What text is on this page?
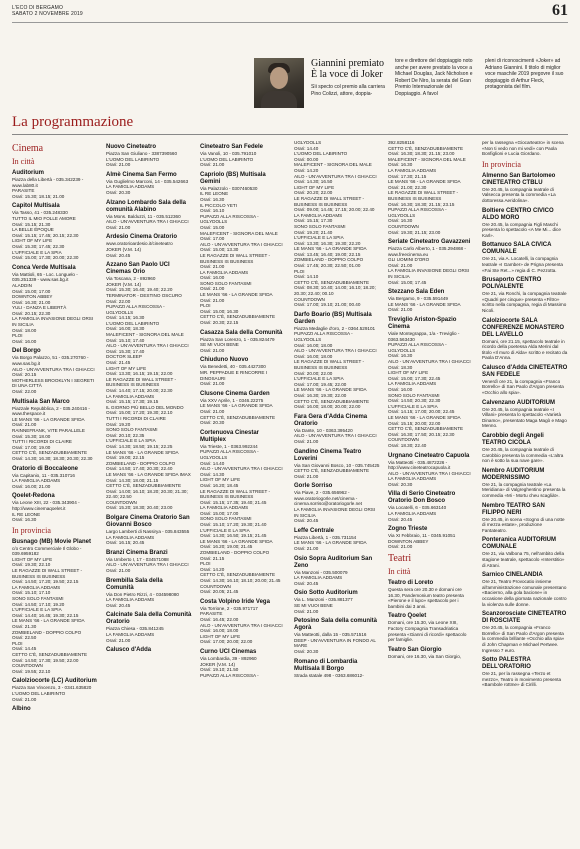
L'ECO DI BERGAMO
SABATO 2 NOVEMBRE 2019	61
Giannini premiato È la voce di Joker
Sìi specto col premio alla carriera Pino Colizzi, attore, doppia-
tore e direttore del doppiaggio noto anche per avere prestato la voce a Michael Douglas, Jack Nicholson e Robert De Niro, la serata del Gran Premio Internazionale del Doppiaggio. A favol
pleni di riconoscimenti «Joker» ad Adriano Giannini. Il titolo di miglior voce maschile 2019 pregovre il suo doppiaggio di Arthur Fleck, protagonista del film.
La programmazione
Cinema
In città
Auditorium
Piazza della Libertà - 035.342239 - www.lab80.it
PARASITE
Orari: 15.30; 18.15; 21.00
Capitol Multisala
Via Tasso, 41 - 035.248330
TUTTO IL MIO FOLLE AMORE
Orari: 15.15; 21.30
LA BELLE ÉPOQUE
Orari: 15.15; 17.45; 20.15; 22.30
LIGHT OF MY LIFE
Orari: 15.30; 17.45; 22.30
L'UFFICIALE E LA SPIA
Orari: 15.00; 17.30; 20.00; 22.30
Conca Verde Multisala
Via Mattioli, 65 - Loc. Longuelo - 035.251339 - www.sas.bg.it
ALADDIN
Orari: 15.00; 17.00
DOWNTON ABBEY
Orari: 16.30; 21.00
YULI - DANZA E LIBERTÀ
Orari: 20.15; 22.30
LA FAMIGLIA INVASIONE DEGLI ORSI IN SICILIA
Orari: 18.00
PLOI
Orari: 16.00
Del Borgo
Via Borgo Palazzo, 51 - 035.270760 - www.sas.bg.it
AILO - UN'AVVENTURA TRA I GHIACCI
Orari: 20.15
MOTHERLESS BROOKLYN I SEGRETI DI UNA CITTÀ
Orari: 22.00
Multisala San Marco
Piazzale Repubblica, 2 - 035.240416 - www.thespace.it
LE MANS '66 - LA GRANDE SFIDA
Orari: 21.00
RAINNEFRANK, VITE PARALLELE
Orari: 15.30; 18.00
TUTTI I RICORDI DI CLAIRE
Orari: 17.00; 19.00
CETTO C'È, SENZADUBBIAMENTE
Orari: 14.30; 16.30; 18.30; 20.30; 22.30
Oratorio di Boccaleone
Via Capitanio, 11 - 035.310716
LA FAMIGLIA ADDAMS
Orari: 16.00; 21.00
Qoelet-Redona
Via Leone XIII, 22 - 035.343904 - http://www.cinemaqoelet.it
IL RE LEONE
Orari: 16.30
In provincia
Busnago (MB) Movie Planet
c/o Centro Commerciale Il Globo - 039.6959182
LIGHT OF MY LIFE
Orari: 19.30; 22.10
LE RAGAZZE DI WALL STREET - BUSINESS IS BUSINESS
Orari: 14.50; 17.20; 19.50; 22.15
LA FAMIGLIA ADDAMS
Orari: 15.10; 17.10
SONO SOLO FANTASMI
Orari: 14.50; 17.10; 19.20
L'UFFICIALE E LA SPIA
Orari: 14.40; 16.45; 19.30; 22.15
LE MANS '66 - LA GRANDE SFIDA
Orari: 21.30
ZOMBIELAND - DOPPIO COLPO
Orari: 22.50
PLOI
Orari: 14.45
CETTO C'È, SENZADUBBIAMENTE
Orari: 14.50; 17.30; 19.50; 22.00
COUNTDOWN
Orari: 19.55; 22.10
Calolziocorte (LC) Auditorium
Piazza San Vincenzo, 3 - 0341.635820
L'UOMO DEL LABIRINTO
Orari: 21.00
Albino
Nuovo Cineteatro
Piazza San Giuliano - 3387390560
L'UOMO DEL LABIRINTO
Orari: 21.00
Almè Cinema San Fermo
Via Guglielmo Marconi, 14 - 035.542663
LA FAMIGLIA ADDAMS
Orari: 20.30
Alzano Lombardo Sala della comunità Alabino
Via Mons. Balduzzi, 11 - 035.512360
AILO - UN'AVVENTURA TRA I GHIACCI
Orari: 21.00
Ardesio Cinema Oratorio
www.oratorioardesio.it/cineteatro
JOKER (V.M. 14)
Orari: 20.45
Azzano San Paolo UCI Cinemas Orio
Via Toscana, 2 - 892960
JOKER (V.M. 14)
Orari: 15.30; 16.40; 19.40; 22.20
TERMINATOR - DESTINO OSCURO
Orari: 22.00
PUPAZZI ALLA RISCOSSA - UGLYDOLLS
Orari: 14.15; 16.30
L'UOMO DEL LABIRINTO
Orari: 16.00; 18.30
MALEFICENT - SIGNORA DEL MALE
Orari: 15.10; 17.40
AILO - UN'AVVENTURA TRA I GHIACCI
Orari: 15.30; 17.40
DOCTOR SLEEP
Orari: 21.45
LIGHT OF MY LIFE
Orari: 13.30; 16.15; 19.15; 22.00
LE RAGAZZE DI WALL STREET - BUSINESS IS BUSINESS
Orari: 14.40; 17.15; 20.00; 22.30
LA FAMIGLIA ADDAMS
Orari: 15.15; 17.30; 19.15
IL GIORNO PIÙ BELLO DEL MONDO
Orari: 15.00; 17.20; 19.30; 22.10
TUTTI I RICORDI DI CLAIRE
Orari: 19.20
SONO SOLO FANTASMI
Orari: 20.10; 22.35
L'UFFICIALE E LA SPIA
Orari: 14.30; 18.50; 19.15; 22.25
LE MANS '66 - LA GRANDE SFIDA
Orari: 19.00; 22.15
ZOMBIELAND - DOPPIO COLPO
Orari: 14.50; 17.40; 20.30; 22.40
LE MANS '66 - LA GRANDE SFIDA IMAX
Orari: 14.30; 18.00; 21.15
CETTO C'È, SENZADUBBIAMENTE
Orari: 14.00; 16.10; 18.20; 20.30; 21.30; 22.40; 22.50
COUNTDOWN
Orari: 15.20; 18.30; 20.40; 23.00
Bolgare Cinema Oratorio San Giovanni Bosco
Largo Lamberti di Nassirya - 035.843555
LA FAMIGLIA ADDAMS
Orari: 16.15; 20.45
Branzi Cinema Branzi
Via Umberto I, 17 - 034571088
AILO - UN'AVVENTURA TRA I GHIACCI
Orari: 21.00
Brembilla Sala della Comunità
Via Don Pietro Rizzi, 4 - 034598080
LA FAMIGLIA ADDAMS
Orari: 20.45
Calcinate Sala della Comunità Oratorio
Piazza Chiesa - 035.841245
LA FAMIGLIA ADDAMS
Orari: 21.00
Calusco d'Adda
Cineteatro San Fedele
Via Vanoli, 10 - 035.791010
L'UOMO DEL LABIRINTO
Orari: 21.00
Capriolo (BS) Multisala Gemini
Via Palazzolo - 0307460530
IL RE LEONE
Orari: 16.30
IL PICCOLO YETI
Orari: 16.10
PUPAZZI ALLA RISCOSSA - UGLYDOLLS
Orari: 15.00
MALEFICENT - SIGNORA DEL MALE
Orari: 17.00
AILO - UN'AVVENTURA TRA I GHIACCI
Orari: 15.00; 13.30
LE RAGAZZE DI WALL STREET - BUSINESS IS BUSINESS
Orari: 21.00
LA FAMIGLIA ADDAMS
Orari: 16.00
SONO SOLO FANTASMI
Orari: 21.00
LE MANS '66 - LA GRANDE SFIDA
Orari: 21.00
PLOI
Orari: 15.00; 16.30
CETTO C'È, SENZADUBBIAMENTE
Orari: 20.30; 22.15
Casazza Sala della Comunità
Piazza San Lorenzo, 1 - 035.824479
SE MI VUOI BENE
Orari: 21.00
Chiuduno Nuovo
Via Benedetti, 40 - 035.4427300
MR. PEPPADUE E RINCORRE I DINOSAURI
Orari: 21.00
Clusone Cinema Garden
Via XXV Aprile, 1 - 0346.22275
LE MANS '66 - LA GRANDE SFIDA
Orari: 21.00
CETTO C'È, SENZADUBBIAMENTE
Orari: 20.30
Cortenuova Cinestar Multiplex
Via Trieste, 1 - 0363.992244
PUPAZZI ALLA RISCOSSA - UGLYDOLLS
Orari: 14.40
AILO - UN'AVVENTURA TRA I GHIACCI
Orari: 14.30
LIGHT OF MY LIFE
Orari: 16.20; 18.45
LE RAGAZZE DI WALL STREET - BUSINESS IS BUSINESS
Orari: 15.15; 17.35; 19.40; 21.45
LA FAMIGLIA ADDAMS
Orari: 15.00; 17.00
SONO SOLO FANTASMI
Orari: 15.10; 17.20; 19.30; 21.40
L'UFFICIALE E LA SPIA
Orari: 14.30; 16.50; 19.15; 21.45
LE MANS '66 - LA GRANDE SFIDA
Orari: 16.20; 19.00; 21.45
ZOMBIELAND - DOPPIO COLPO
Orari: 21.15
PLOI
Orari: 14.20
CETTO C'È, SENZADUBBIAMENTE
Orari: 14.30; 16.10; 18.10; 20.00; 21.45
COUNTDOWN
Orari: 20.05; 21.45
Costa Volpino Iride Vega
Via Torrione, 2 - 035.971717
PARASITE
Orari: 16.45; 22.00
AILO - UN'AVVENTURA TRA I GHIACCI
Orari: 16.00; 18.00
LIGHT OF MY LIFE
Orari: 17.00; 20.00; 22.00
Curno UCI Cinemas
Via Lombardia, 39 - 892960
JOKER (V.M. 14)
Orari: 19.10; 21.50
PUPAZZI ALLA RISCOSSA -
UGLYDOLLS
Orari: 14.40
L'UOMO DEL LABIRINTO
Orari: 00.00
MALEFICENT - SIGNORA DEL MALE
Orari: 14.20
AILO - UN'AVVENTURA TRA I GHIACCI
Orari: 14.30; 16.50
LIGHT OF MY LIFE
Orari: 20.20; 22.00
LE RAGAZZE DI WALL STREET - BUSINESS IS BUSINESS
Orari: 09.00; 14.45; 17.15; 20.00; 22.40
LA FAMIGLIA ADDAMS
Orari: 15.15; 17.30
SONO SOLO FANTASMI
Orari: 19.20; 21.40
L'UFFICIALE E LA SPIA
Orari: 13.30; 16.30; 19.30; 22.20
LE MANS '66 - LA GRANDE SFIDA
Orari: 13.45; 16.40; 19.00; 22.15
ZOMBIELAND - DOPPIO COLPO
Orari: 17.45; 20.30; 22.50; 01.00
PLOI
Orari: 14.10
CETTO C'È, SENZADUBBIAMENTE
Orari: 08.30; 10.40; 14.00; 16.10; 18.20; 20.30; 22.40; 00.10
COUNTDOWN
Orari: 17.00; 19.10; 21.00; 00.40
Darfo Boario (BS) Multisala Garden
Piazza Medaglie d'oro, 2 - 0364.529101
PUPAZZI ALLA RISCOSSA - UGLYDOLLS
Orari: 16.00; 18.00
AILO - UN'AVVENTURA TRA I GHIACCI
Orari: 16.00; 18.00
LE RAGAZZE DI WALL STREET - BUSINESS IS BUSINESS
Orari: 20.00; 22.00
L'UFFICIALE E LA SPIA
Orari: 17.00; 19.45; 22.00
LE MANS '66 - LA GRANDE SFIDA
Orari: 16.30; 19.30; 22.00
CETTO C'È, SENZADUBBIAMENTE
Orari: 16.00; 18.00; 20.00; 22.00
Fara Gera d'Adda Cinema Oratorio
Via Dante, 10 - 0363.395420
AILO - UN'AVVENTURA TRA I GHIACCI
Orari: 21.00
Gandino Cinema Teatro Loverini
Via San Giovanni Bosco, 10 - 035.745425
CETTO C'È, SENZADUBBIAMENTE
Orari: 21.00
Gorle Sorriso
Via Piave, 2 - 035.656962 - www.oratoriogorle.net/cinema - cinema.sorriso@oratoriogorle.net
LA FAMIGLIA INVASIONE DEGLI ORSI IN SICILIA
Orari: 20.45
Leffe Centrale
Piazza Libertà, 1 - 035.731154
LE MANS '66 - LA GRANDE SFIDA
Orari: 21.00
Osio Sopra Auditorium San Zeno
Via Manzoni - 035.500079
LA FAMIGLIA ADDAMS
Orari: 20.45
Osio Sotto Auditorium
Via L. Manzoni - 035.881377
SE MI VUOI BENE
Orari: 21.00
Petosino Sala della comunità Agorà
Via Matteotti, dalla 15 - 035.571516
DEEP - UN'AVVENTURA IN FONDO AL MARE
Orari: 20.30
Romano di Lombardia Multisala Il Borgo
Strada statale 498 - 0363.686012-
392.8258116
CETTO C'È, SENZADUBBIAMENTE
Orari: 16.30; 18.30; 21.15; 23.00
MALEFICENT - SIGNORA DEL MALE
Orari: 16.30
LA FAMIGLIA ADDAMS
Orari: 17.30; 21.15
LE MANS '66 - LA GRANDE SFIDA
Orari: 21.00; 22.30
LE RAGAZZE DI WALL STREET - BUSINESS IS BUSINESS
Orari: 16.30; 18.30; 21.15; 23.15
PUPAZZI ALLA RISCOSSA - UGLYDOLLS
Orari: 16.30
COUNTDOWN
Orari: 19.30; 21.15; 23.00
Seriate Cineteatro Gavazzeni
Piazza Carlo Alberto, 1 - 035.294868 - www.freecinema.eu
GLI UOMINI D'ORO
Orari: 21.00
LA FAMIGLIA INVASIONE DEGLI ORSI IN SICILIA
Orari: 15.00; 17.45
Stezzano Sala Eden
Via Bergamo, 9 - 035.591449
LE MANS '66 - LA GRANDE SFIDA
Orari: 21.00
Treviglio Ariston-Spazio Cinema
Viale Montegrappa, 1/a - Treviglio - 0363.563430
PUPAZZI ALLA RISCOSSA - UGLYDOLLS
Orari: 16.30
AILO - UN'AVVENTURA TRA I GHIACCI
Orari: 18.30
LIGHT OF MY LIFE
Orari: 15.00; 17.30; 22.45
LA FAMIGLIA ADDAMS
Orari: 16.00
SONO SOLO FANTASMI
Orari: 14.50; 20.30; 22.30
L'UFFICIALE E LA SPIA
Orari: 14.15; 17.00; 20.00; 22.45
LE MANS '66 - LA GRANDE SFIDA
Orari: 15.15; 20.00; 22.00
CETTO C'È, SENZADUBBIAMENTE
Orari: 16.30; 17.50; 20.15; 22.30
COUNTDOWN
Orari: 18.30; 22.40
Urgnano Cineteatro Capuola
Via Matteotti - 035.4872226 - http://www.cineteatrocapuola.it
AILO - UN'AVVENTURA TRA I GHIACCI
LA FAMIGLIA ADDAMS
Orari: 20.30
Villa di Serio Cineteatro Oratorio Don Bosco
Via Locatelli, 6 - 035.663140
LA FAMIGLIA ADDAMS
Orari: 20.45
Zogno Trieste
Via XI Febbraio, 11 - 0345.91051
DOWNTON ABBEY
Orari: 21.00
Teatri
In città
Teatro di Loreto
Questa sera ore 20.30 e domani ore 16.30, Pandemonium teatro presenta «Pierone e il lupo» spettacolo per i bambini dai 3 anni.
Teatro Qoelet
Domani, ore 15.30, via Leone XIII, Factory Compagnia Transadriatica presenta «Gianni di ricordi» spettacolo per famiglie.
Teatro San Giorgio
Domani, ore 16.30, via San Giorgio,
per la rassegna «Giocarteatro» in scena «Non ti vedo non mi vedi» con Paola Bonfiglioni e Lucia Giordano.
In provincia
Almenno San Bartolomeo CINETEATRO CTBLU
Ore 20.45, la compagnia teatrale di Valsecca presenta la commedia «La dottoressa Aeridolina».
Boltiere CENTRO CIVICO ALDO MORO
Ore 20.45, la compagnia Figli Maschi presenta lo spettacolo «A Me Mi... dice Karl».
Bottanuco SALA CIVICA COMUNALE
Ore 21, via A. Locatelli, la compagnia teatrale «I Gamber» de Prigna presenta «Fai Ste Ret...» regia di C. Pezzotta.
Brusaporto CENTRO POLIVALENTE
Ore 21, via Ronchi, la compagnia teatrale «Quadri per cinque» presenta «Filtro» scritto nella compagnia, regia di Massimo Nicoli.
Calolziocorte SALA CONFERENZE MONASTERO DEL LAVELLO
Domani, ore 21.15, spettacolo teatrale in ricordo della poetessa Alda Merini dal titolo «Il muro di Alda» scritto e recitato da Paola D'Anna.
Calusco d'Adda CINETEATRO SAN FEDELE
Venerdì ore 21, la compagnia «Franco Borrello» di San Paolo d'Argon presenta «Occhio allo spia».
Calvenzano AUDITORIUM
Ore 20.45, la compagnia teatrale «I Villani» presenta lo spettacolo «Varietà Dinamo», presentato Maga Magò e Mago Menno.
Carobbio degli Angeli TEATRO CICOLA
Ore 20.45, la compagnia teatrale di Carobbio presenta la commedia «L'altra non è sotto la sua nave gare».
Nembro AUDITORIUM MODERNISSIMO
Ore 21, la compagnia teatrale «La Meridiana» di Valgreghentino presenta la commedia «Mi - Mortu cheu scagliàt».
Nembro TEATRO SAN FILIPPO NERI
Ore 20.45, in scena «Sogno di una notte di mezza estate», produzione Fantateatro.
Ponteranica AUDITORIUM COMUNALE
Ore 21, via Valbona 75, nell'ambito della stagione teatrale, spettacolo «Interstitio» di Atrani.
Sarnico CINELANDIA
Ore 21, Teatro Provocatio insieme all'amministrazione comunale presentano «Bacierno, alla gola bacione» in occasione della giornata nazionale contro la violenza sulle donne.
Scanzorosciate CINETEATRO DI ROSCIATE
Ore 20.45, la compagnia «Franco Borrello» di San Paolo d'Argon presenta la commedia brillante «Occhio alla spia» di John Chapman e Michael Pertwee. Ingresso 7 euro.
Sotto PALESTRA DELL'ORATORIO
Ore 21, per la rassegna «Terzo et mezzo», Teatro in movimento presenta «Bambole rottme» di Cirilli.
